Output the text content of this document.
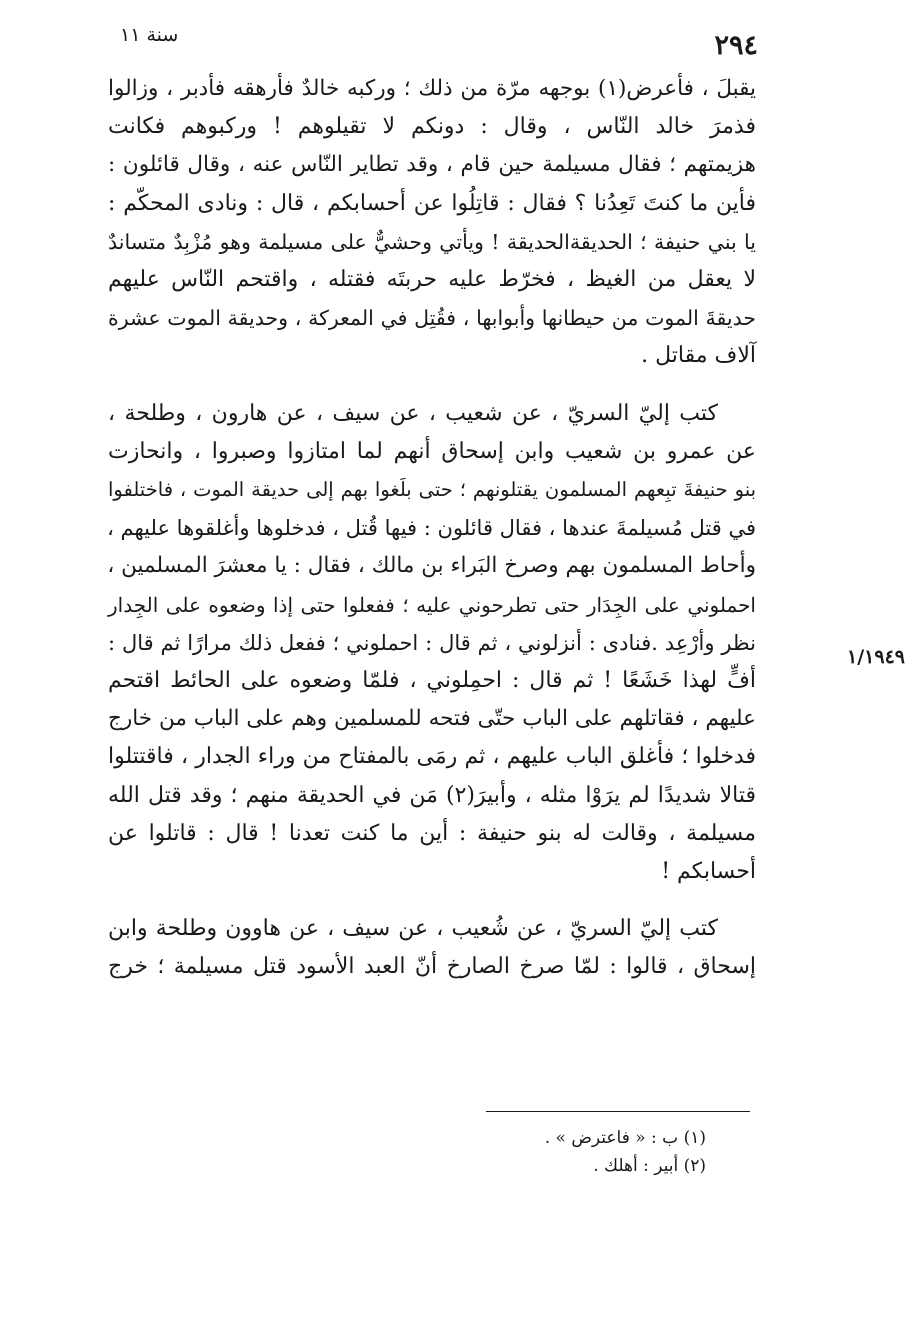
٢٩٤
سنة ١١
يقبلَ ، فأعرض(١) بوجهه مرّة من ذلك ؛ وركبه خالدٌ فأرهقه فأدبر ، وزالوا
فذمرَ خالد النّاس ، وقال : دونكم لا تقيلوهم ! وركبوهم فكانت
هزيمتهم ؛ فقال مسيلمة حين قام ، وقد تطاير النّاس عنه ، وقال قائلون :
فأين ما كنتَ تَعِدُنا ؟ فقال : قاتِلُوا عن أحسابكم ، قال : ونادى المحكّم :
يا بني حنيفة ؛ الحديقةالحديقة ! ويأتي وحشيٌّ على مسيلمة وهو مُزْبِدٌ متساندٌ
لا يعقل من الغيظ ، فخرّط عليه حربتَه فقتله ، واقتحم النّاس عليهم
حديقةَ الموت من حيطانها وأبوابها ، فقُتِل في المعركة ، وحديقة الموت عشرة
آلاف مقاتل .
كتب إليّ السريّ ، عن شعيب ، عن سيف ، عن هارون ، وطلحة ،
عن عمرو بن شعيب وابن إسحاق أنهم لما امتازوا وصبروا ، وانحازت
بنو حنيفةَ تبِعهم المسلمون يقتلونهم ؛ حتى بلَغوا بهم إلى حديقة الموت ، فاختلفوا
في قتل مُسيلمةَ عندها ، فقال قائلون : فيها قُتل ، فدخلوها وأغلقوها عليهم ،
وأحاط المسلمون بهم وصرخ البَراء بن مالك ، فقال : يا معشرَ المسلمين ،
احملوني على الجِدَار حتى تطرحوني عليه ؛ ففعلوا حتى إذا وضعوه على الجِدار
نظر وأرْعِد .فنادى : أنزلوني ، ثم قال : احملوني ؛ ففعل ذلك مرارًا ثم قال :
أفٍّ لهذا خَشَعًا ! ثم قال : احمِلوني ، فلمّا وضعوه على الحائط اقتحم
عليهم ، فقاتلهم على الباب حتّى فتحه للمسلمين وهم على الباب من خارج
فدخلوا ؛ فأغلق الباب عليهم ، ثم رمَى بالمفتاح من وراء الجدار ، فاقتتلوا
قتالا شديدًا لم يرَوْا مثله ، وأبيرَ(٢) مَن في الحديقة منهم ؛ وقد قتل الله
مسيلمة ، وقالت له بنو حنيفة : أين ما كنت تعدنا ! قال : قاتلوا عن
أحسابكم !
كتب إليّ السريّ ، عن شُعيب ، عن سيف ، عن هاوون وطلحة وابن
إسحاق ، قالوا : لمّا صرخ الصارخ أنّ العبد الأسود قتل مسيلمة ؛ خرج
١/١٩٤٩
(١) ب : « فاعترض » .
(٢) أبير : أهلك .
